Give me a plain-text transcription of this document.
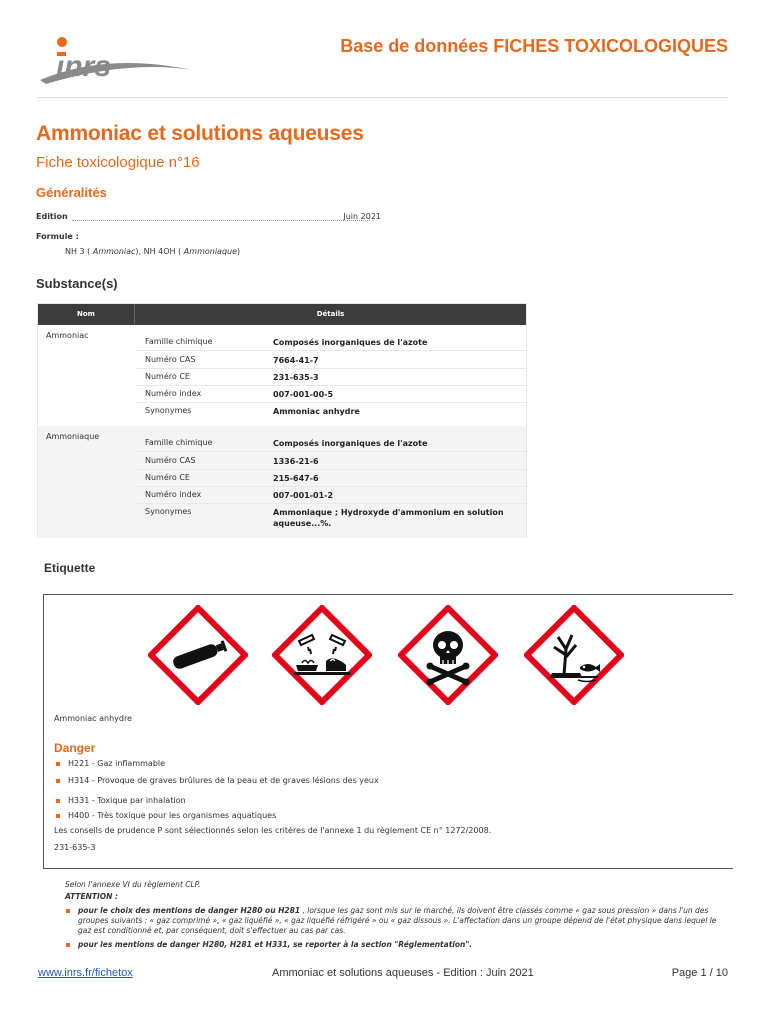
ınrs
Base de données FICHES TOXICOLOGIQUES
Ammoniac et solutions aqueuses
Fiche toxicologique n°16
Généralités
Edition	Juin 2021
Formule :
NH 3 ( Ammoniac), NH 4OH ( Ammoniaque)
Substance(s)
Nom	Détails
Ammoniac
Famille chimique	Composés inorganiques de l'azote
Numéro CAS	7664-41-7
Numéro CE	231-635-3
Numéro index	007-001-00-5
Synonymes	Ammoniac anhydre
Ammoniaque
Famille chimique	Composés inorganiques de l'azote
Numéro CAS	1336-21-6
Numéro CE	215-647-6
Numéro index	007-001-01-2
Synonymes	Ammoniaque ; Hydroxyde d'ammonium en solution aqueuse...%.
Etiquette
Ammoniac anhydre
Danger
H221 - Gaz inflammable
H314 - Provoque de graves brûlures de la peau et de graves lésions des yeux
H331 - Toxique par inhalation
H400 - Très toxique pour les organismes aquatiques
Les conseils de prudence P sont sélectionnés selon les critères de l'annexe 1 du règlement CE n° 1272/2008.
231-635-3
Selon l'annexe VI du règlement CLP.
ATTENTION :
pour le choix des mentions de danger H280 ou H281 , lorsque les gaz sont mis sur le marché, ils doivent être classés comme « gaz sous pression » dans l'un des groupes suivants : « gaz comprimé », « gaz liquéfié », « gaz liquéfié réfrigéré » ou « gaz dissous ». L'affectation dans un groupe dépend de l'état physique dans lequel le gaz est conditionné et, par conséquent, doit s'effectuer au cas par cas.
pour les mentions de danger H280, H281 et H331, se reporter à la section "Réglementation".
www.inrs.fr/fichetox	Ammoniac et solutions aqueuses - Edition : Juin 2021	Page 1 / 10
